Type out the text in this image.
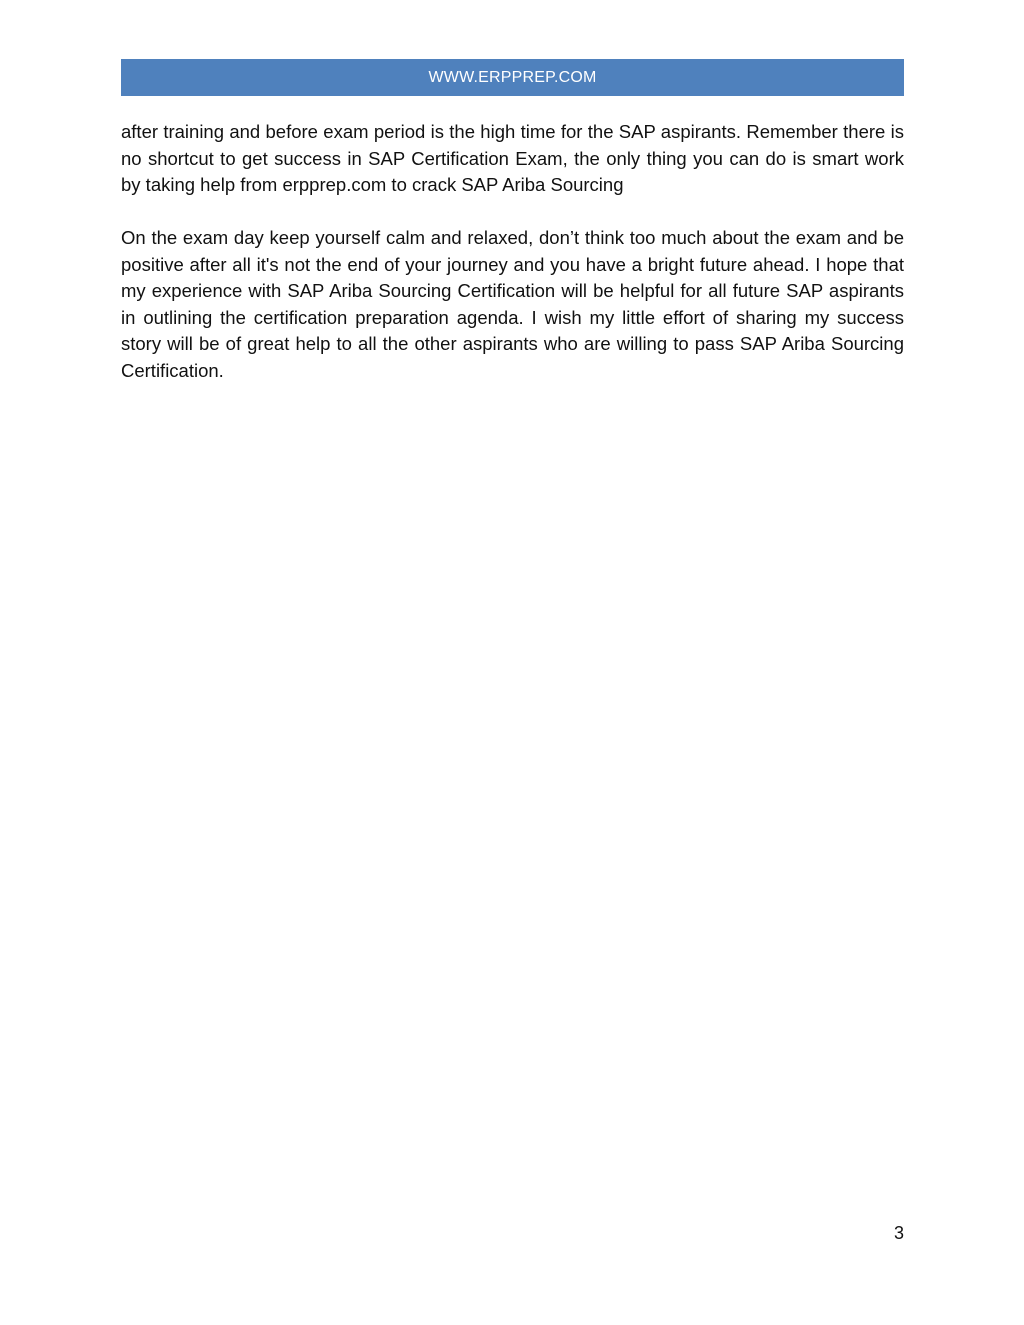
WWW.ERPPREP.COM

after training and before exam period is the high time for the SAP aspirants. Remember there is no shortcut to get success in SAP Certification Exam, the only thing you can do is smart work by taking help from erpprep.com to crack SAP Ariba Sourcing

On the exam day keep yourself calm and relaxed, don’t think too much about the exam and be positive after all it's not the end of your journey and you have a bright future ahead. I hope that my experience with SAP Ariba Sourcing Certification will be helpful for all future SAP aspirants in outlining the certification preparation agenda. I wish my little effort of sharing my success story will be of great help to all the other aspirants who are willing to pass SAP Ariba Sourcing Certification.

3
